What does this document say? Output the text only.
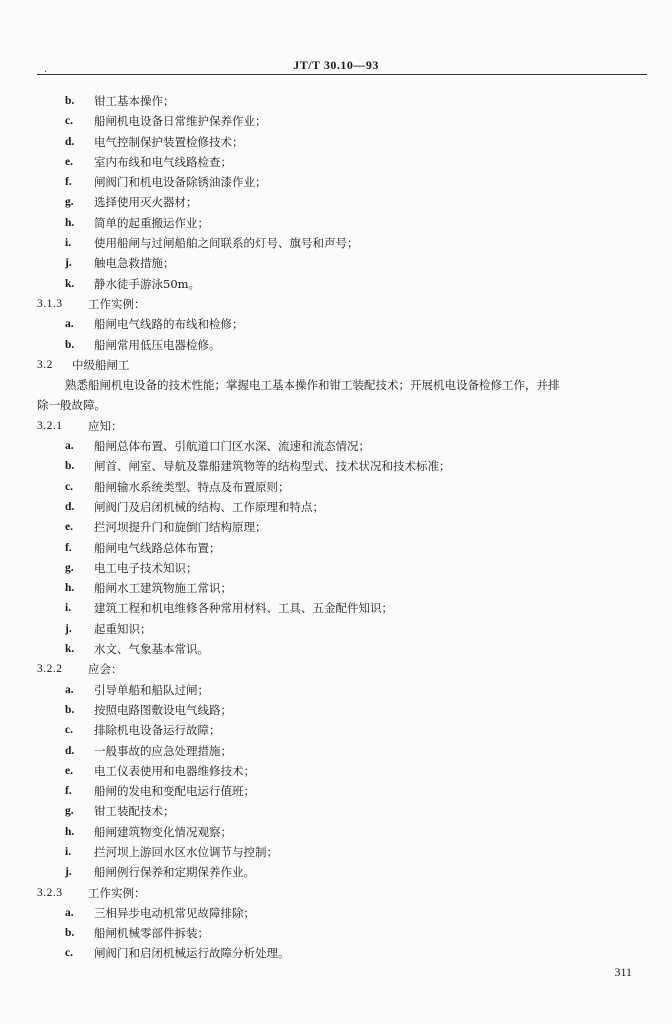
JT/T 30.10—93
·
b. 钳工基本操作；
c. 船闸机电设备日常维护保养作业；
d. 电气控制保护装置检修技术；
e. 室内布线和电气线路检查；
f. 闸阀门和机电设备除锈油漆作业；
g. 选择使用灭火器材；
h. 简单的起重搬运作业；
i. 使用船闸与过闸船舶之间联系的灯号、旗号和声号；
j. 触电急救措施；
k. 静水徒手游泳50m。
3.1.3 工作实例：
a. 船闸电气线路的布线和检修；
b. 船闸常用低压电器检修。
3.2 中级船闸工
熟悉船闸机电设备的技术性能；掌握电工基本操作和钳工装配技术；开展机电设备检修工作，并排
除一般故障。
3.2.1 应知：
a. 船闸总体布置、引航道口门区水深、流速和流态情况；
b. 闸首、闸室、导航及靠船建筑物等的结构型式、技术状况和技术标准；
c. 船闸输水系统类型、特点及布置原则；
d. 闸阀门及启闭机械的结构、工作原理和特点；
e. 拦河坝提升门和旋倒门结构原理；
f. 船闸电气线路总体布置；
g. 电工电子技术知识；
h. 船闸水工建筑物施工常识；
i. 建筑工程和机电维修各种常用材料、工具、五金配件知识；
j. 起重知识；
k. 水文、气象基本常识。
3.2.2 应会：
a. 引导单船和船队过闸；
b. 按照电路图敷设电气线路；
c. 排除机电设备运行故障；
d. 一般事故的应急处理措施；
e. 电工仪表使用和电器维修技术；
f. 船闸的发电和变配电运行值班；
g. 钳工装配技术；
h. 船闸建筑物变化情况观察；
i. 拦河坝上游回水区水位调节与控制；
j. 船闸例行保养和定期保养作业。
3.2.3 工作实例：
a. 三相异步电动机常见故障排除；
b. 船闸机械零部件拆装；
c. 闸阀门和启闭机械运行故障分析处理。
311
